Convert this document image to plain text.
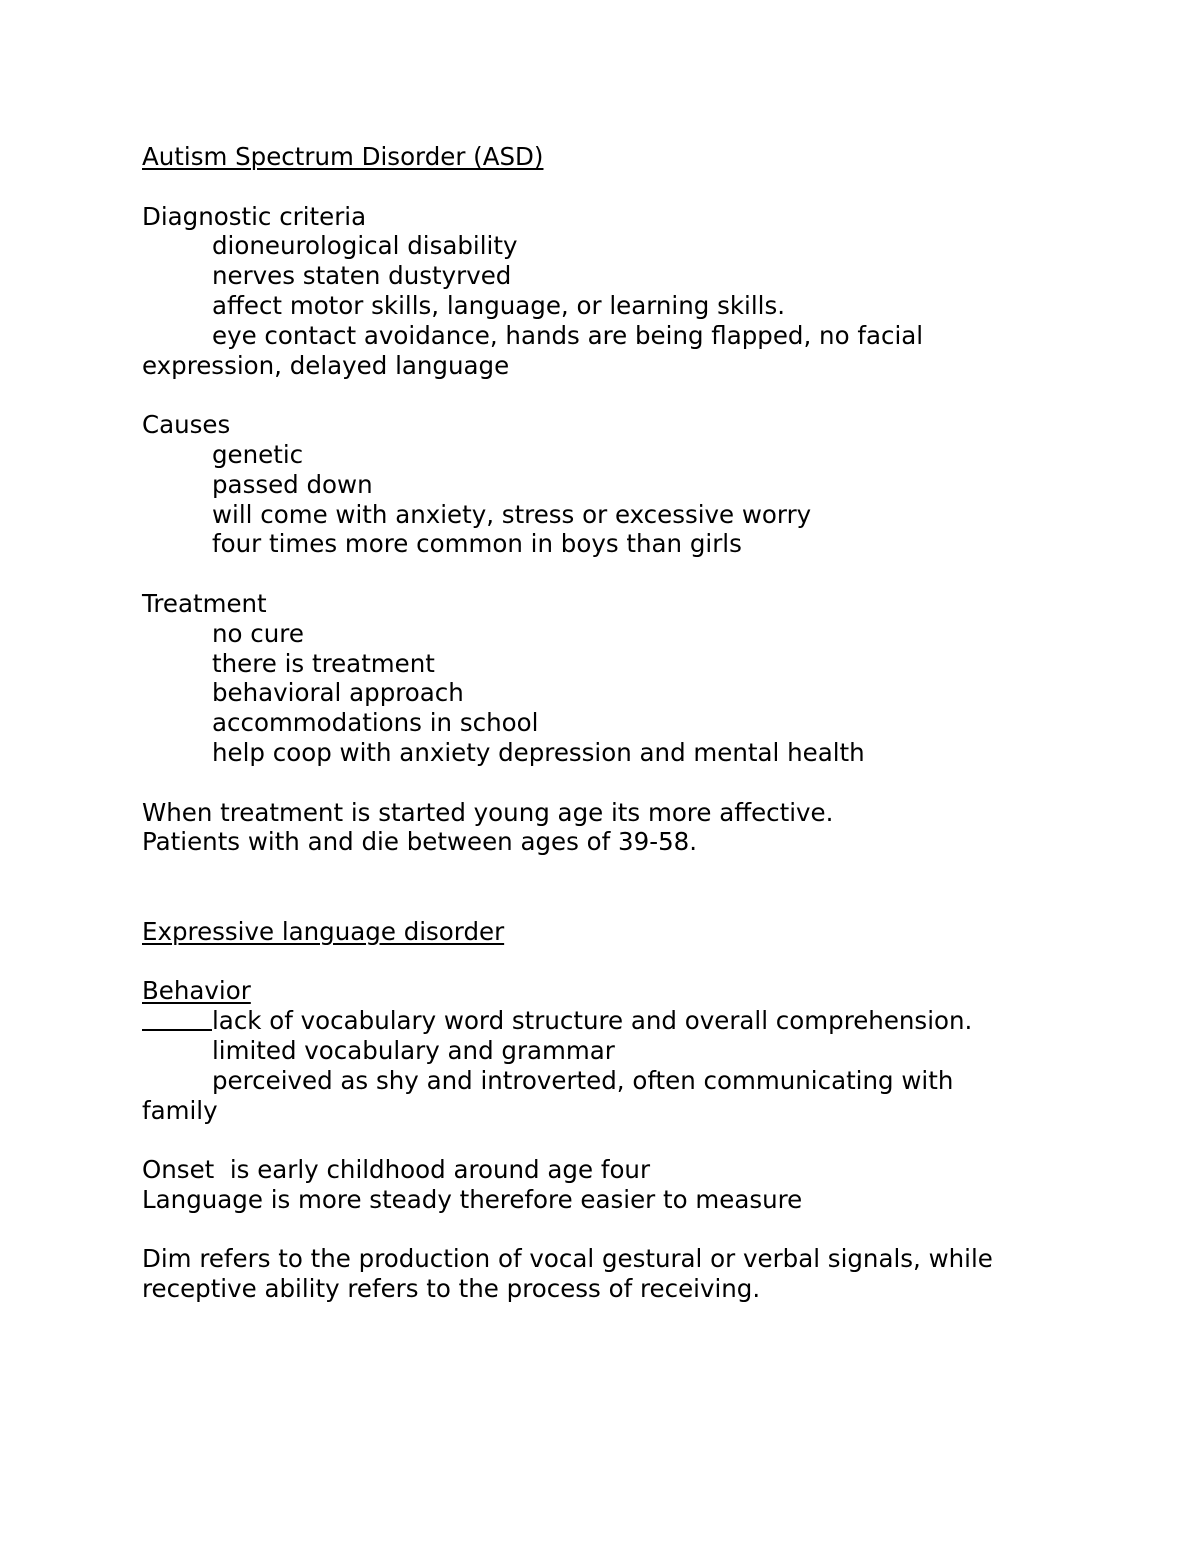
Autism Spectrum Disorder (ASD)
Diagnostic criteria
dioneurological disability
nerves staten dustyrved
affect motor skills, language, or learning skills.
eye contact avoidance, hands are being flapped, no facial
expression, delayed language
Causes
genetic
passed down
will come with anxiety, stress or excessive worry
four times more common in boys than girls
Treatment
no cure
there is treatment
behavioral approach
accommodations in school
help coop with anxiety depression and mental health
When treatment is started young age its more affective.
Patients with and die between ages of 39-58.
Expressive language disorder
Behavior
lack of vocabulary word structure and overall comprehension.
limited vocabulary and grammar
perceived as shy and introverted, often communicating with
family
Onset  is early childhood around age four
Language is more steady therefore easier to measure
Dim refers to the production of vocal gestural or verbal signals, while
receptive ability refers to the process of receiving.
